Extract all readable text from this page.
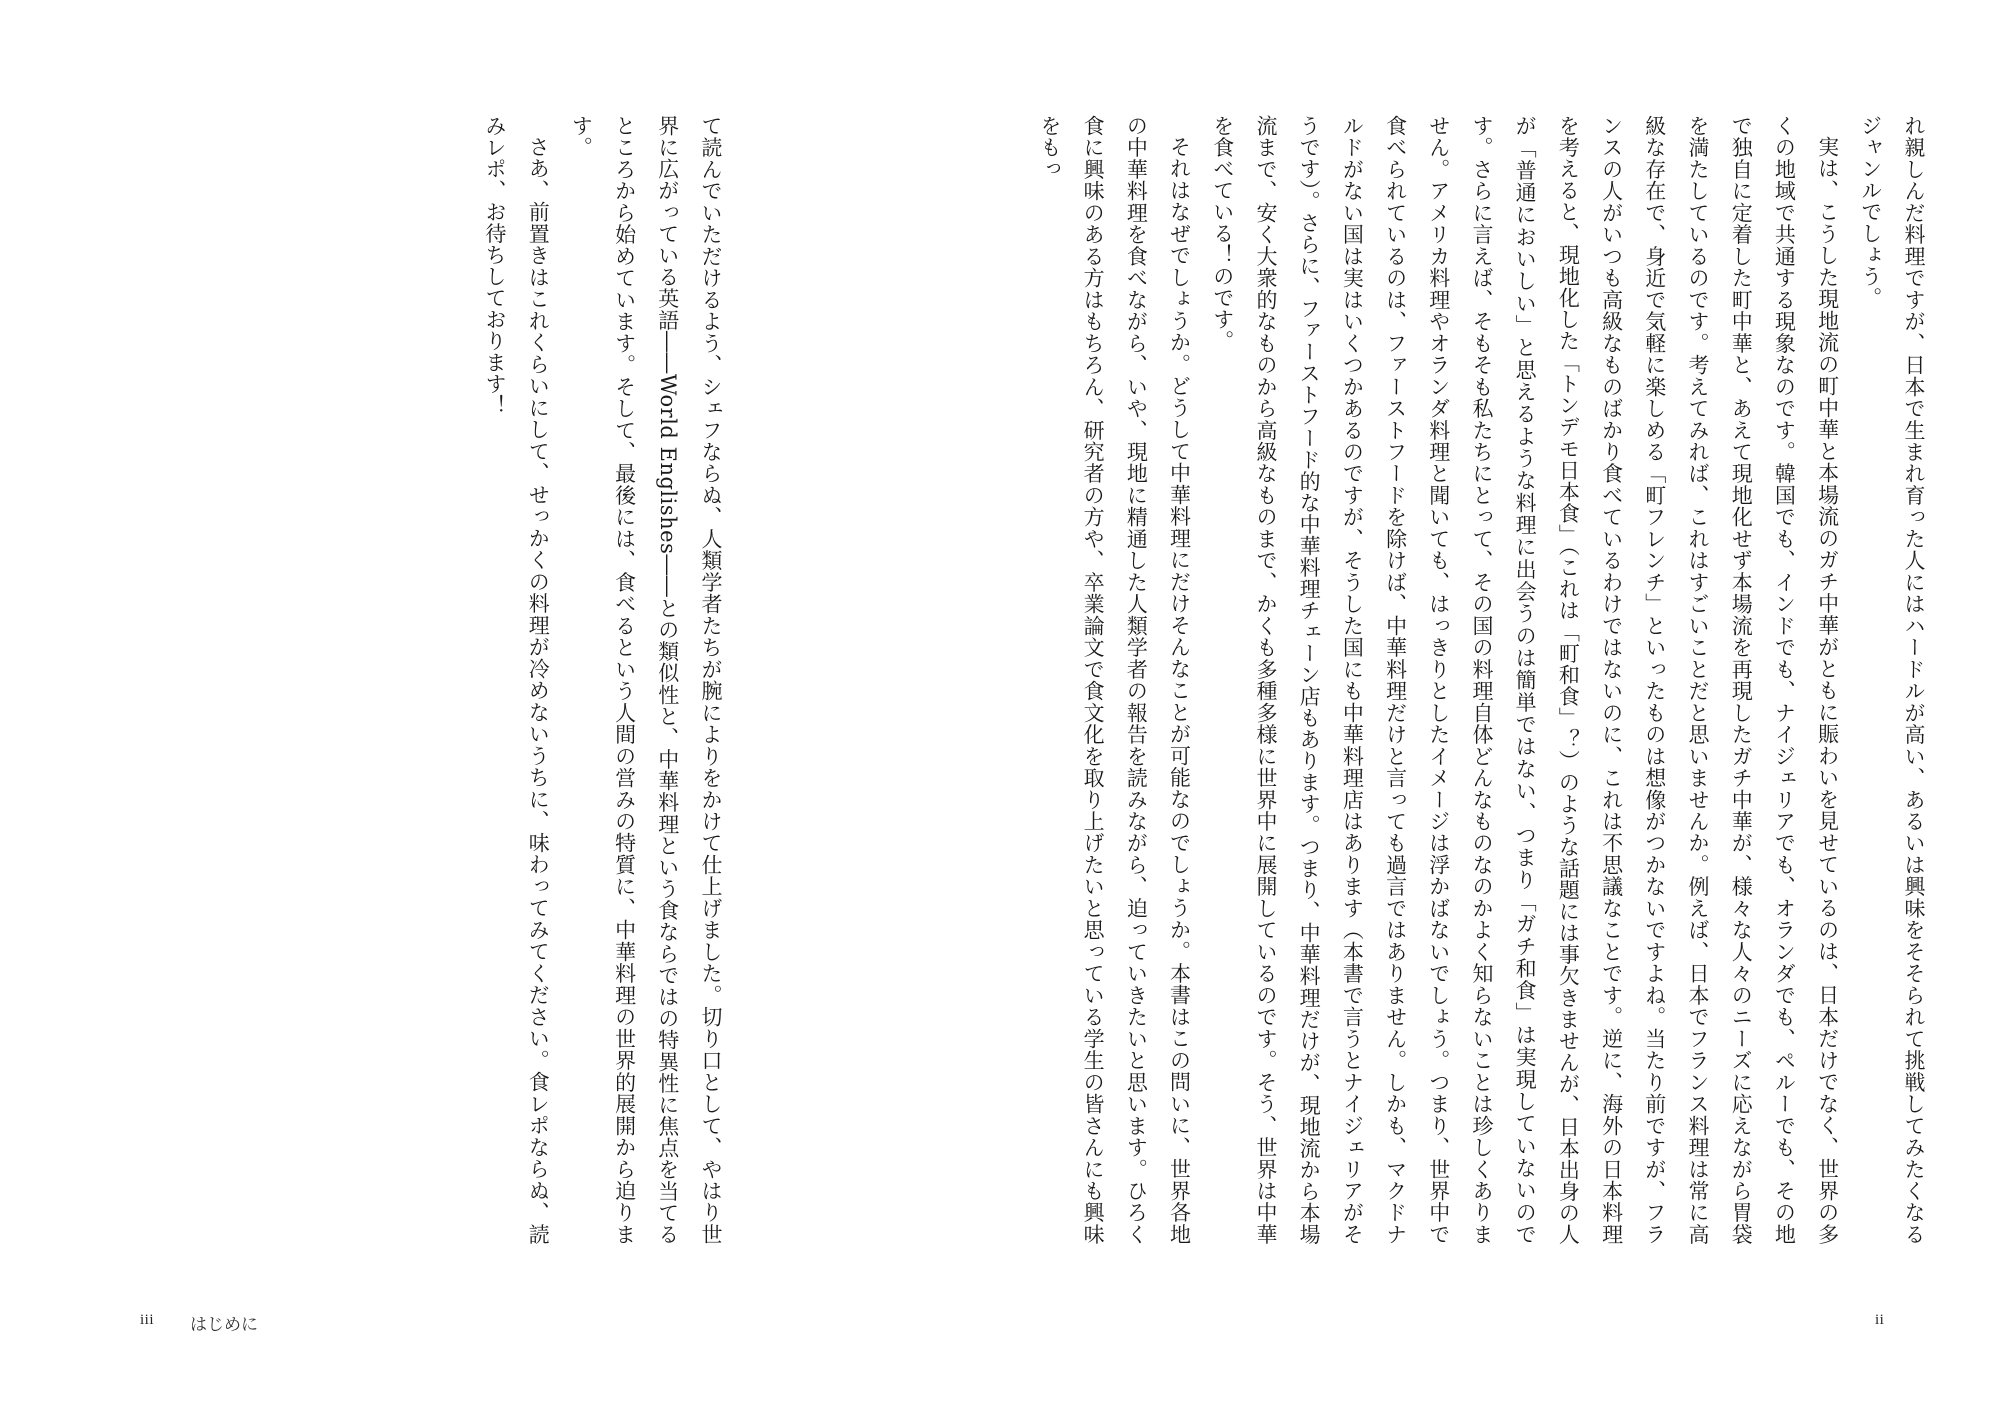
れ親しんだ料理ですが、日本で生まれ育った人にはハードルが高い、あるいは興味をそそられて挑戦してみたくなるジャンルでしょう。

実は、こうした現地流の町中華と本場流のガチ中華がともに賑わいを見せているのは、日本だけでなく、世界の多くの地域で共通する現象なのです。韓国でも、インドでも、ナイジェリアでも、オランダでも、ペルーでも、その地で独自に定着した町中華と、あえて現地化せず本場流を再現したガチ中華が、様々な人々のニーズに応えながら胃袋を満たしているのです。考えてみれば、これはすごいことだと思いませんか。例えば、日本でフランス料理は常に高級な存在で、身近で気軽に楽しめる「町フレンチ」といったものは想像がつかないですよね。当たり前ですが、フランスの人がいつも高級なものばかり食べているわけではないのに、これは不思議なことです。逆に、海外の日本料理を考えると、現地化した「トンデモ日本食」（これは「町和食」？）のような話題には事欠きませんが、日本出身の人が「普通においしい」と思えるような料理に出会うのは簡単ではない、つまり「ガチ和食」は実現していないのです。さらに言えば、そもそも私たちにとって、その国の料理自体どんなものなのかよく知らないことは珍しくありません。アメリカ料理やオランダ料理と聞いても、はっきりとしたイメージは浮かばないでしょう。つまり、世界中で食べられているのは、ファーストフードを除けば、中華料理だけと言っても過言ではありません。しかも、マクドナルドがない国は実はいくつかあるのですが、そうした国にも中華料理店はあります（本書で言うとナイジェリアがそうです）。さらに、ファーストフード的な中華料理チェーン店もあります。つまり、中華料理だけが、現地流から本場流まで、安く大衆的なものから高級なものまで、かくも多種多様に世界中に展開しているのです。そう、世界は中華を食べている！のです。

それはなぜでしょうか。どうして中華料理にだけそんなことが可能なのでしょうか。本書はこの問いに、世界各地の中華料理を食べながら、いや、現地に精通した人類学者の報告を読みながら、迫っていきたいと思います。ひろく食に興味のある方はもちろん、研究者の方や、卒業論文で食文化を取り上げたいと思っている学生の皆さんにも興味をもっ

ii

て読んでいただけるよう、シェフならぬ、人類学者たちが腕によりをかけて仕上げました。切り口として、やはり世界に広がっている英語――World Englishes――との類似性と、中華料理という食ならではの特異性に焦点を当てるところから始めています。そして、最後には、食べるという人間の営みの特質に、中華料理の世界的展開から迫ります。

さあ、前置きはこれくらいにして、せっかくの料理が冷めないうちに、味わってみてください。食レポならぬ、読みレポ、お待ちしております！

iii はじめに
